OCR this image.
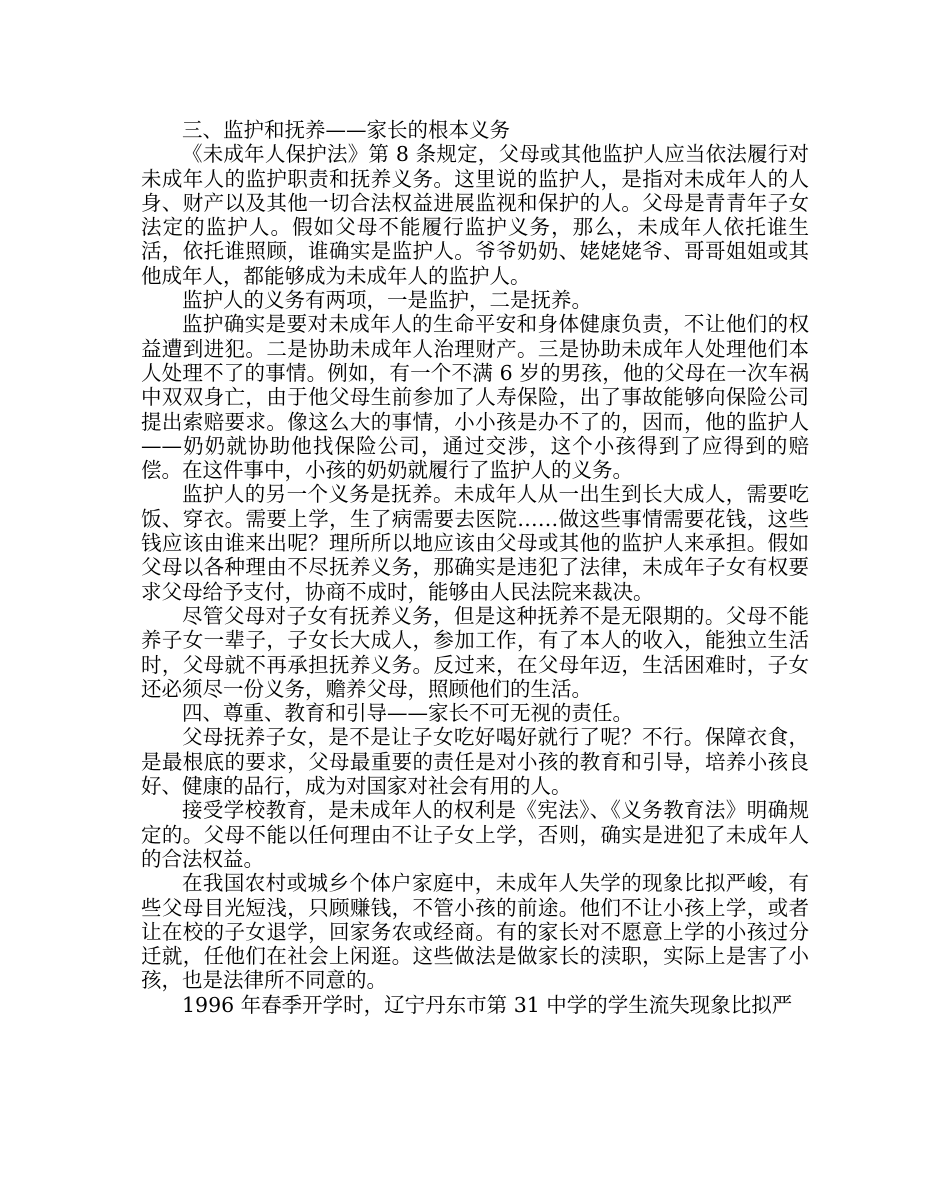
三、监护和抚养——家长的根本义务

《未成年人保护法》第 8 条规定，父母或其他监护人应当依法履行对未成年人的监护职责和抚养义务。这里说的监护人，是指对未成年人的人身、财产以及其他一切合法权益进展监视和保护的人。父母是青青年子女法定的监护人。假如父母不能履行监护义务，那么，未成年人依托谁生活，依托谁照顾，谁确实是监护人。爷爷奶奶、姥姥姥爷、哥哥姐姐或其他成年人，都能够成为未成年人的监护人。

监护人的义务有两项，一是监护，二是抚养。

监护确实是要对未成年人的生命平安和身体健康负责，不让他们的权益遭到进犯。二是协助未成年人治理财产。三是协助未成年人处理他们本人处理不了的事情。例如，有一个不满 6 岁的男孩，他的父母在一次车祸中双双身亡，由于他父母生前参加了人寿保险，出了事故能够向保险公司提出索赔要求。像这么大的事情，小小孩是办不了的，因而，他的监护人——奶奶就协助他找保险公司，通过交涉，这个小孩得到了应得到的赔偿。在这件事中，小孩的奶奶就履行了监护人的义务。

监护人的另一个义务是抚养。未成年人从一出生到长大成人，需要吃饭、穿衣。需要上学，生了病需要去医院……做这些事情需要花钱，这些钱应该由谁来出呢？理所所以地应该由父母或其他的监护人来承担。假如父母以各种理由不尽抚养义务，那确实是违犯了法律，未成年子女有权要求父母给予支付，协商不成时，能够由人民法院来裁决。

尽管父母对子女有抚养义务，但是这种抚养不是无限期的。父母不能养子女一辈子，子女长大成人，参加工作，有了本人的收入，能独立生活时，父母就不再承担抚养义务。反过来，在父母年迈，生活困难时，子女还必须尽一份义务，赡养父母，照顾他们的生活。

四、尊重、教育和引导——家长不可无视的责任。

父母抚养子女，是不是让子女吃好喝好就行了呢？不行。保障衣食，是最根底的要求，父母最重要的责任是对小孩的教育和引导，培养小孩良好、健康的品行，成为对国家对社会有用的人。

接受学校教育，是未成年人的权利是《宪法》、《义务教育法》明确规定的。父母不能以任何理由不让子女上学，否则，确实是进犯了未成年人的合法权益。

在我国农村或城乡个体户家庭中，未成年人失学的现象比拟严峻，有些父母目光短浅，只顾赚钱，不管小孩的前途。他们不让小孩上学，或者让在校的子女退学，回家务农或经商。有的家长对不愿意上学的小孩过分迁就，任他们在社会上闲逛。这些做法是做家长的渎职，实际上是害了小孩，也是法律所不同意的。

1996 年春季开学时，辽宁丹东市第 31 中学的学生流失现象比拟严
